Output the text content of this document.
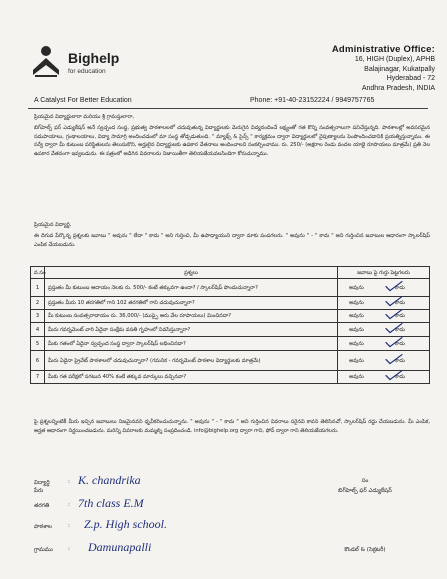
Bighelp
for education
A Catalyst For Better Education
Administrative Office:
16, HIGH (Duplex), APHB
Balajinagar, Kukatpally
Hyderabad - 72
Andhra Pradesh, INDIA
Phone: +91-40-23152224 / 9949757765
ప్రియమైన విద్యార్థులారా మరియు శ్రీ గ్రామస్తులారా,
బిగ్‌హెల్ప్ ఫర్ ఎడ్యుకేషన్ అనే స్వచ్ఛంద సంస్థ, ప్రభుత్వ పాఠశాలలలో చదువుతున్న విద్యార్థులకు మెరుగైన విద్యనందించే లక్ష్యంతో గత కొన్ని సంవత్సరాలుగా పనిచేస్తున్నది. పాఠశాలల్లో అవసరమైన సదుపాయాలు, గ్రంథాలయాలు, విద్యా సామాగ్రి అందించడంలో మా సంస్థ తోడ్పడుతుంది. " మ్యాథ్స్ & సైన్స్ " కార్యక్రమం ద్వారా విద్యార్థులలో నైపుణ్యాలను పెంపొందించడానికి ప్రయత్నిస్తున్నాము. ఈ సర్వే ద్వారా మీ కుటుంబ పరిస్థితులను తెలుసుకొని, అర్హులైన విద్యార్థులకు ఉపకార వేతనాలు అందించాలని సంకల్పించాము. రు. 250/- (అక్షరాల రెండు వందల యాభై రూపాయలు మాత్రమే) ప్రతి నెల ఉపకార వేతనంగా ఇవ్వబడును. ఈ పత్రంలో అడిగిన వివరాలను నిజాయితీగా తెలియజేయవలసిందిగా కోరుచున్నాము.
ప్రియమైన విద్యార్థి,
ఈ దిగువ పేర్కొన్న ప్రశ్నలకు జవాబు " అవును " లేదా " కాదు " అని గుర్తించి, మీ ఉపాధ్యాయుని ద్వారా మాకు పంపగలరు. " అవును " - " కాదు " అని గుర్తించిన జవాబుల ఆధారంగా స్కాలర్‌షిప్ ఎంపిక చేయబడును.
వ.సం	ప్రశ్నలు	జవాబు పై గుర్తు పెట్టగలరు
1	ప్రస్తుతం మీ కుటుంబ ఆదాయం నెలకు రు. 500/- కంటే తక్కువగా ఉందా? / స్కాలర్‌షిప్ పొందుచున్నారా?	అవును కాదు

2	ప్రస్తుతం మీరు 10 తరగతిలో గాని 102 తరగతిలో గాని చదువుచున్నారా?	అవును కాదు

3	మీ కుటుంబ సంవత్సరాదాయం రు. 36,000/- (ముప్పై ఆరు వేల రూపాయలు) మించినదా?	అవును కాదు

4	మీరు గవర్నమెంట్ వారి ఏదైనా సంక్షేమ వసతి గృహంలో నివసిస్తున్నారా?	అవును కాదు

5	మీకు గతంలో ఏదైనా స్వచ్ఛంద సంస్థ ద్వారా స్కాలర్‌షిప్ లభించినదా?	అవును కాదు

6	మీరు ఏదైనా ప్రైవేట్ పాఠశాలలో చదువుచున్నారా? (గమనిక - గవర్నమెంట్ పాఠశాల విద్యార్థులకు మాత్రమే)	అవును కాదు

7	మీకు గత పరీక్షలో సగటున 40% కంటే తక్కువ మార్కులు వచ్చినవా?	అవును కాదు
పై ప్రశ్నలన్నింటికీ మీరు ఇచ్చిన జవాబులు నిజమైనవని ధృవీకరించుచున్నాను. " అవును " - " కాదు " అని గుర్తించిన వివరాలు సరైనవి కావని తెలిసినచో, స్కాలర్‌షిప్ రద్దు చేయబడును. మీ ఎంపిక, అర్హత ఆధారంగా నిర్ణయించబడును. మరిన్ని వివరాలకు మమ్మల్ని సంప్రదించండి. info@bighelp.org ద్వారా గాని, ఫోన్ ద్వారా గాని తెలియజేయగలరు.
విద్యార్థి పేరు
: K. chandrika
తరగతి	: 7th class E.M
పాఠశాల	: Z.p. High school.
గ్రామము	: Damunapalli
సం
బిగ్‌హెల్ప్ ఫర్ ఎడ్యుకేషన్
కొండల్ & (సెక్రటరీ)
